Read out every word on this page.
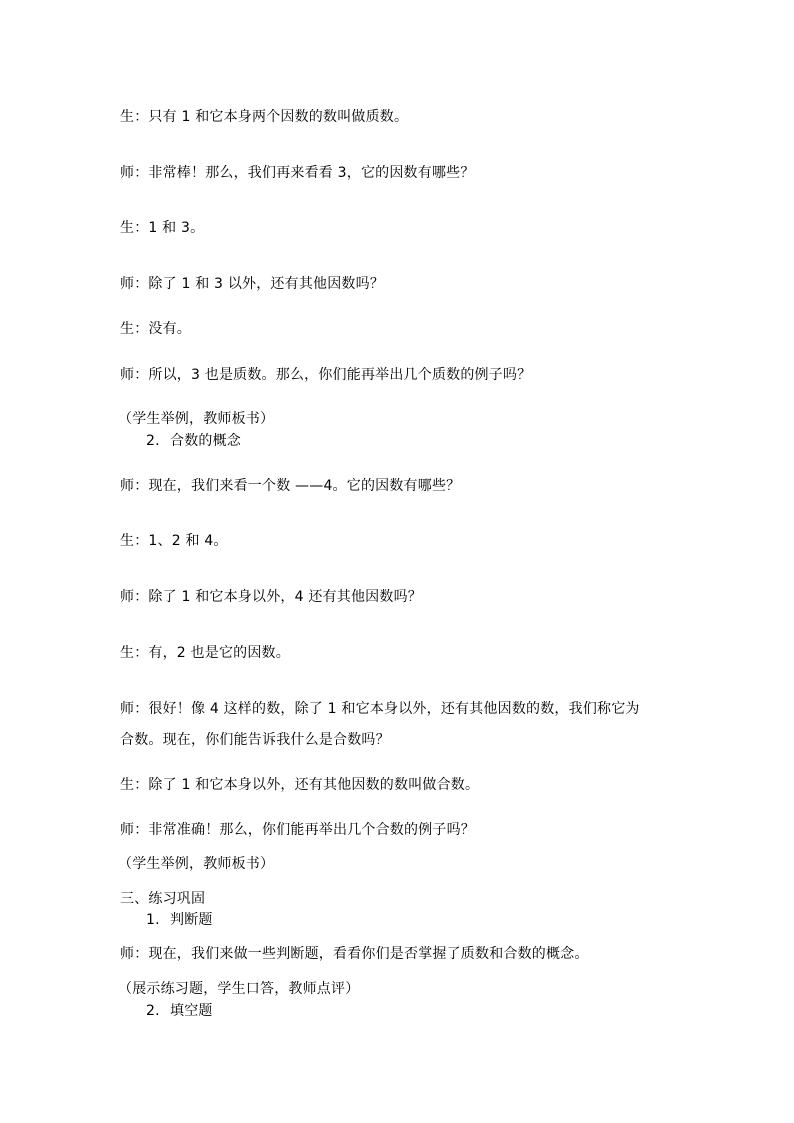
生：只有 1 和它本身两个因数的数叫做质数。
师：非常棒！那么，我们再来看看 3，它的因数有哪些？
生：1 和 3。
师：除了 1 和 3 以外，还有其他因数吗？
生：没有。
师：所以，3 也是质数。那么，你们能再举出几个质数的例子吗？
（学生举例，教师板书）
2. 合数的概念
师：现在，我们来看一个数 ——4。它的因数有哪些？
生：1、2 和 4。
师：除了 1 和它本身以外，4 还有其他因数吗？
生：有，2 也是它的因数。
师：很好！像 4 这样的数，除了 1 和它本身以外，还有其他因数的数，我们称它为
合数。现在，你们能告诉我什么是合数吗？
生：除了 1 和它本身以外，还有其他因数的数叫做合数。
师：非常准确！那么，你们能再举出几个合数的例子吗？
（学生举例，教师板书）
三、练习巩固
1. 判断题
师：现在，我们来做一些判断题，看看你们是否掌握了质数和合数的概念。
（展示练习题，学生口答，教师点评）
2. 填空题
